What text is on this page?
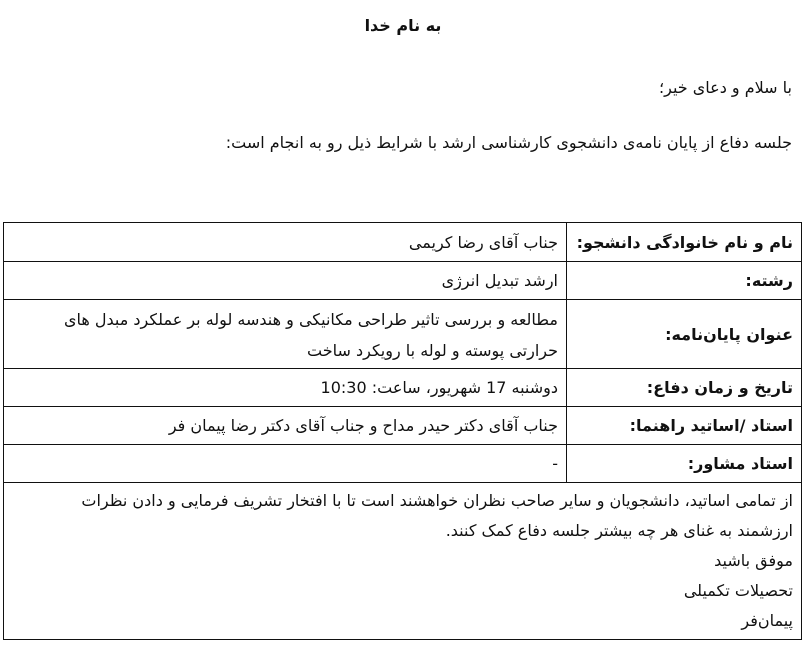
به نام خدا
با سلام و دعای خیر؛
جلسه دفاع از پایان نامه‌ی دانشجوی کارشناسی ارشد با شرایط ذیل رو به انجام است:
نام و نام خانوادگی دانشجو:	جناب آقای رضا کریمی
رشته:	ارشد تبدیل انرژی
عنوان پایان‌نامه:	مطالعه و بررسی تاثیر طراحی مکانیکی و هندسه لوله بر عملکرد مبدل های
حرارتی پوسته و لوله با رویکرد ساخت

تاریخ و زمان دفاع:	دوشنبه 17 شهریور، ساعت: 10:30
استاد /اساتید راهنما:	جناب آقای دکتر حیدر مداح و جناب آقای دکتر رضا پیمان فر
استاد مشاور:	-

از تمامی اساتید، دانشجویان و سایر صاحب نظران خواهشند است تا با افتخار تشریف فرمایی و دادن نظرات
ارزشمند به غنای هر چه بیشتر جلسه دفاع کمک کنند.
موفق باشید
تحصیلات تکمیلی
پیمان‌فر	
